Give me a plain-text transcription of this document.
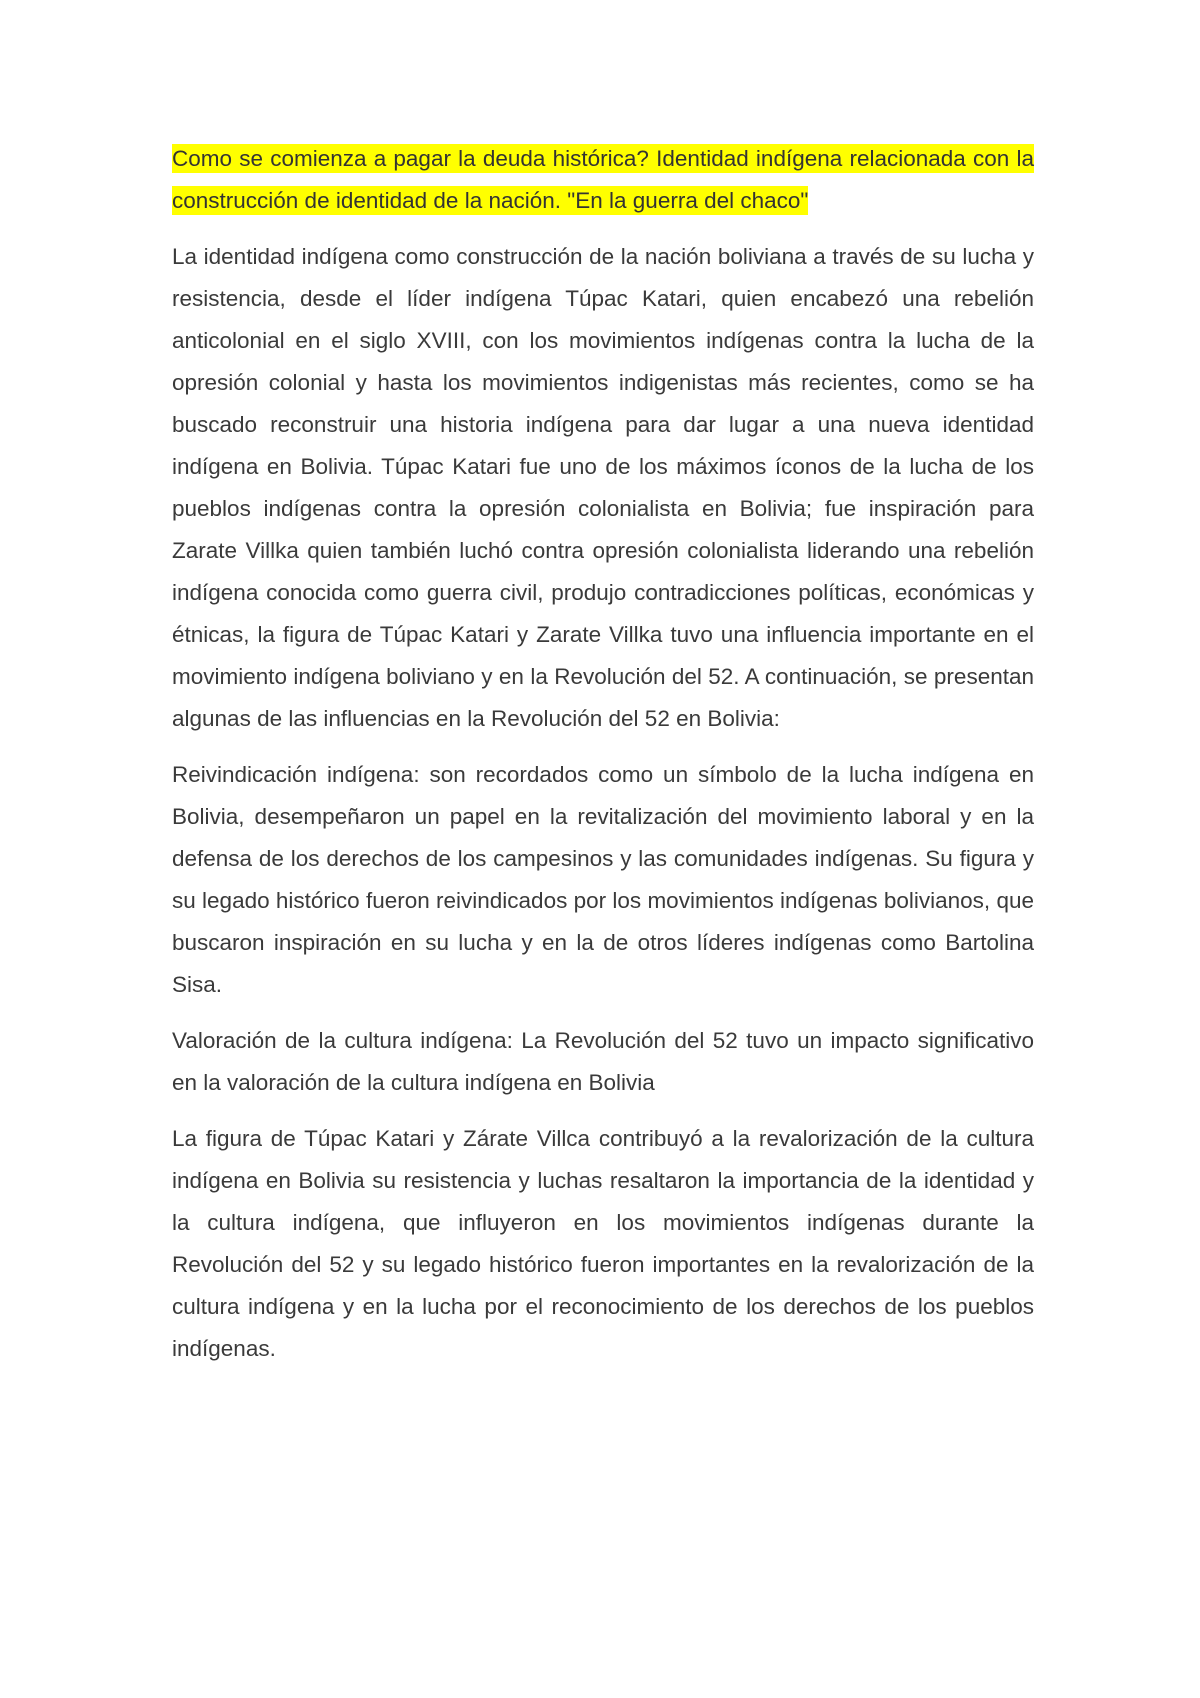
Como se comienza a pagar la deuda histórica? Identidad indígena relacionada con la construcción de identidad de la nación. "En la guerra del chaco"

La identidad indígena como construcción de la nación boliviana a través de su lucha y resistencia, desde el líder indígena Túpac Katari, quien encabezó una rebelión anticolonial en el siglo XVIII, con los movimientos indígenas contra la lucha de la opresión colonial y hasta los movimientos indigenistas más recientes, como se ha buscado reconstruir una historia indígena para dar lugar a una nueva identidad indígena en Bolivia. Túpac Katari fue uno de los máximos íconos de la lucha de los pueblos indígenas contra la opresión colonialista en Bolivia; fue inspiración para Zarate Villka quien también luchó contra opresión colonialista liderando una rebelión indígena conocida como guerra civil, produjo contradicciones políticas, económicas y étnicas, la figura de Túpac Katari y Zarate Villka tuvo una influencia importante en el movimiento indígena boliviano y en la Revolución del 52. A continuación, se presentan algunas de las influencias en la Revolución del 52 en Bolivia:

Reivindicación indígena: son recordados como un símbolo de la lucha indígena en Bolivia, desempeñaron un papel en la revitalización del movimiento laboral y en la defensa de los derechos de los campesinos y las comunidades indígenas. Su figura y su legado histórico fueron reivindicados por los movimientos indígenas bolivianos, que buscaron inspiración en su lucha y en la de otros líderes indígenas como Bartolina Sisa.

Valoración de la cultura indígena: La Revolución del 52 tuvo un impacto significativo en la valoración de la cultura indígena en Bolivia

La figura de Túpac Katari y Zárate Villca contribuyó a la revalorización de la cultura indígena en Bolivia su resistencia y luchas resaltaron la importancia de la identidad y la cultura indígena, que influyeron en los movimientos indígenas durante la Revolución del 52 y su legado histórico fueron importantes en la revalorización de la cultura indígena y en la lucha por el reconocimiento de los derechos de los pueblos indígenas.
